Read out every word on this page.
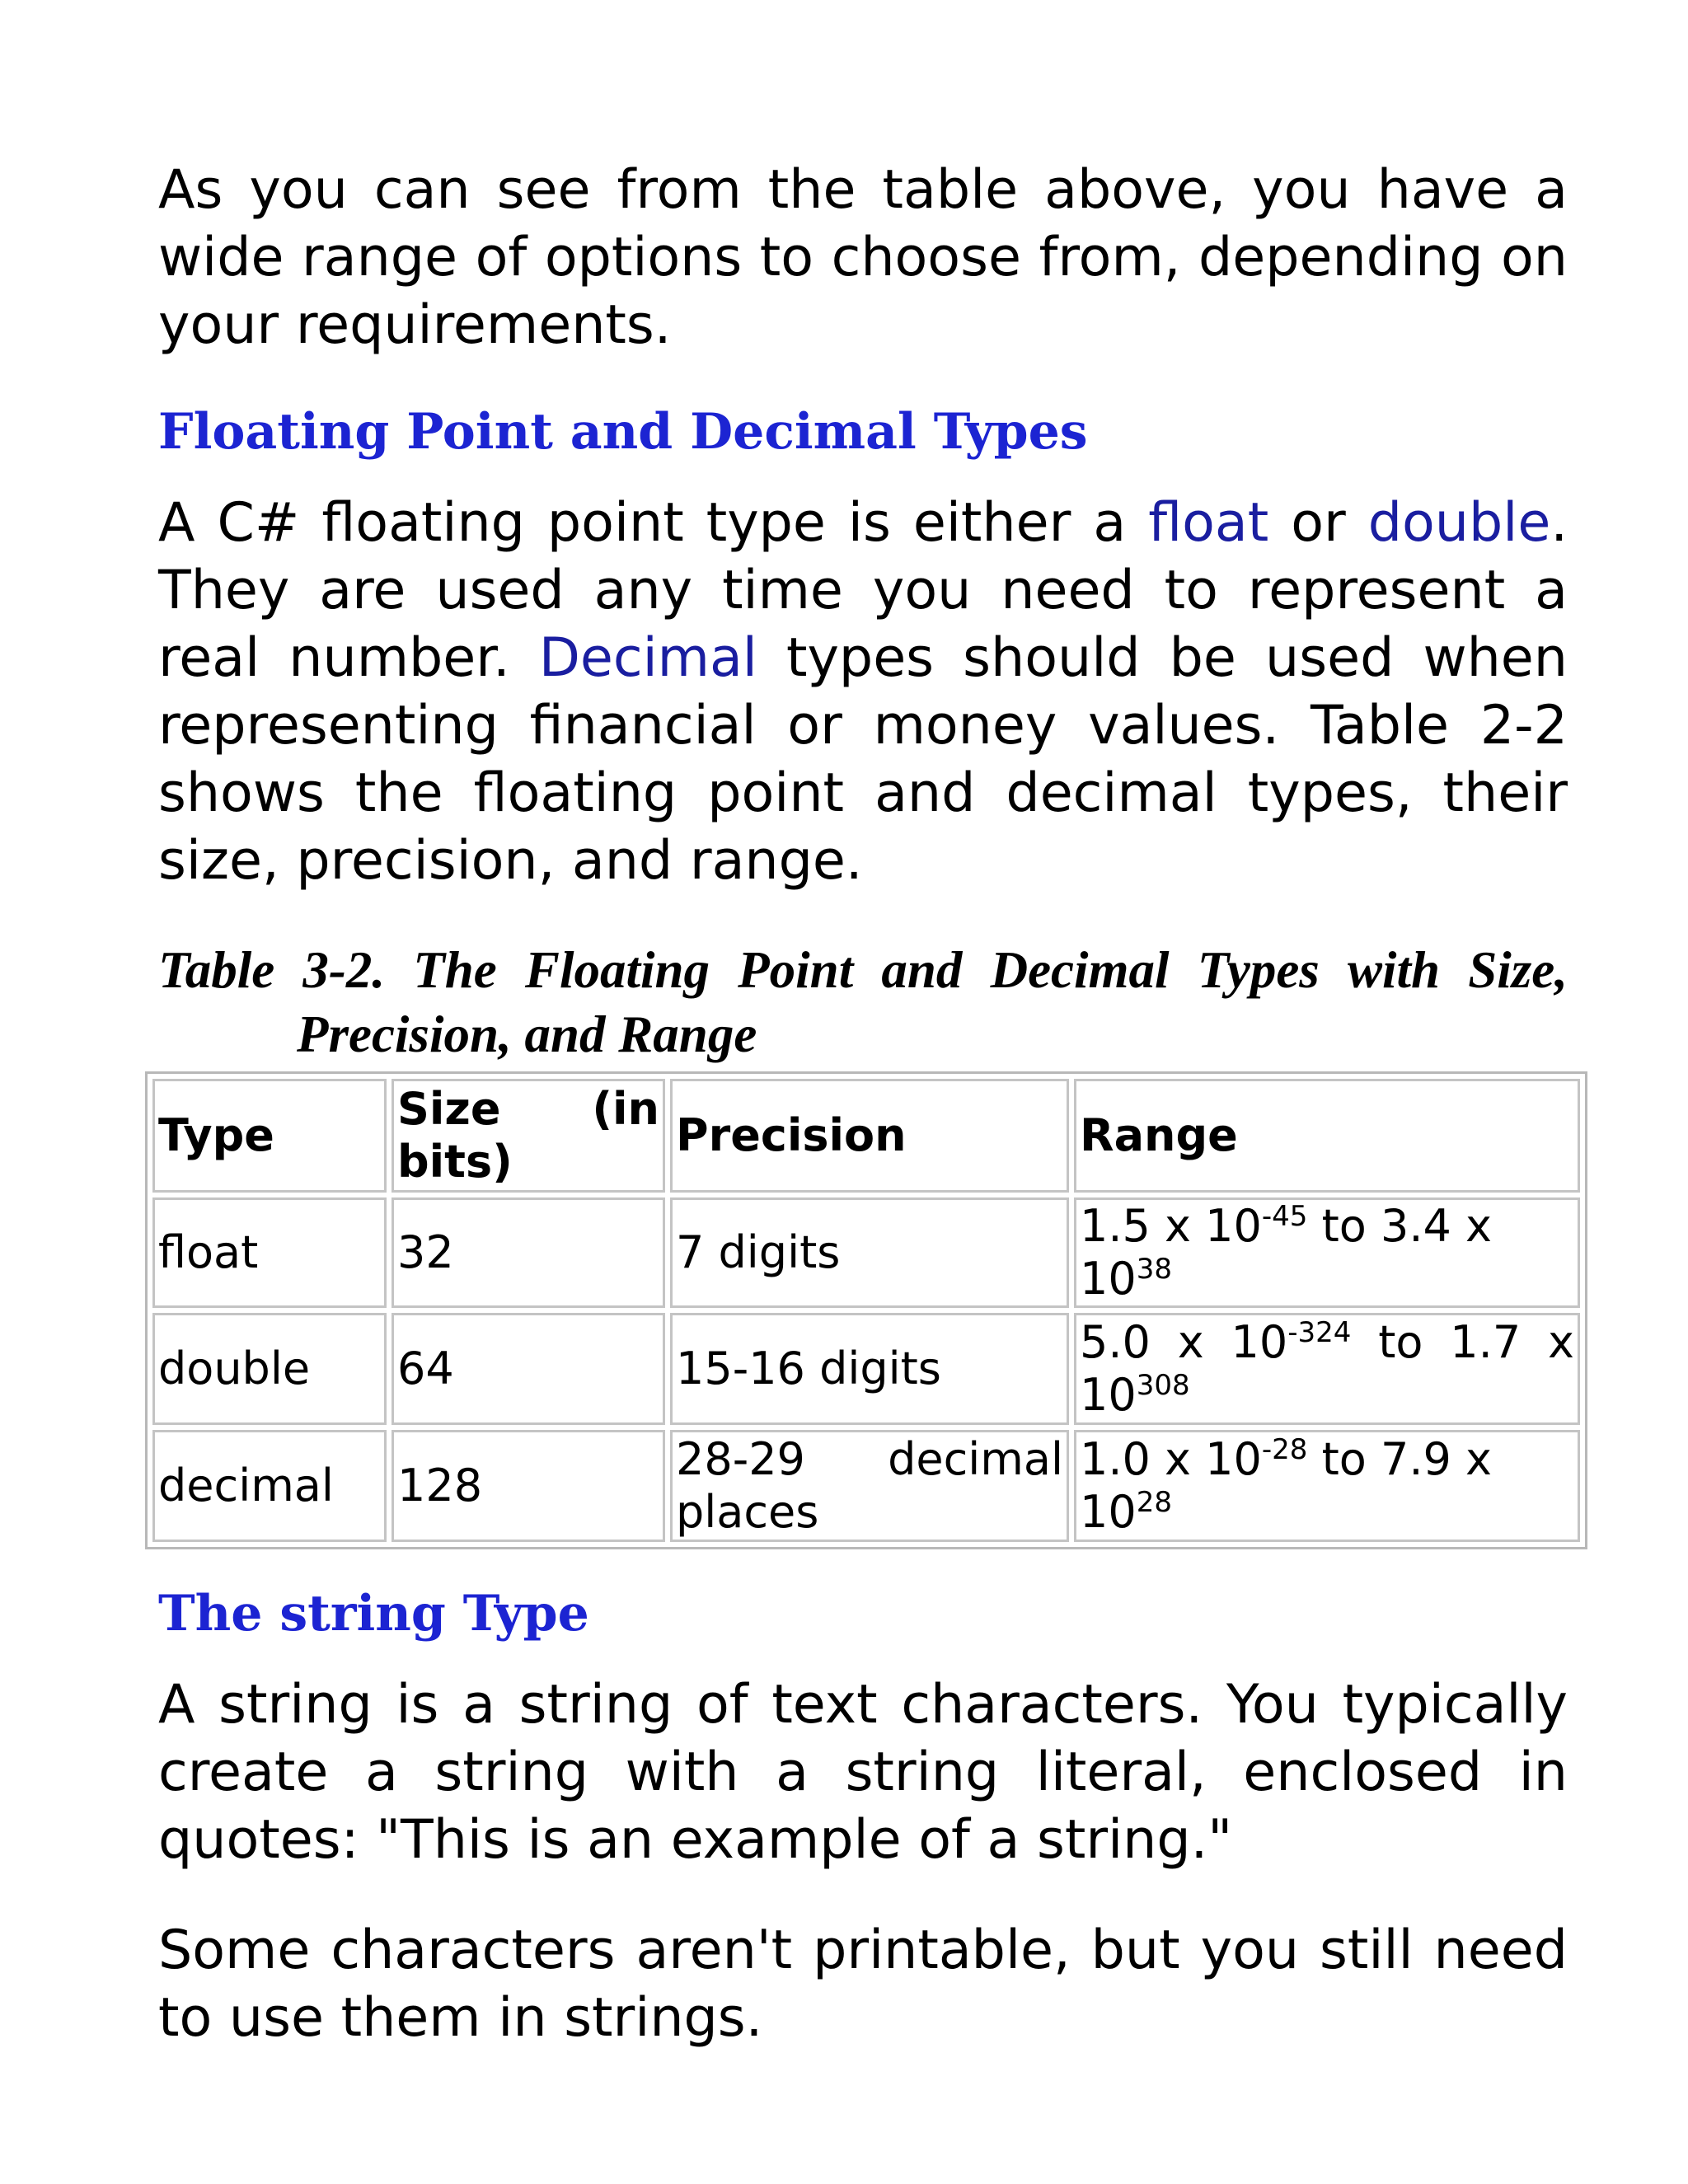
As you can see from the table above, you have a wide range of options to choose from, depending on your requirements.

Floating Point and Decimal Types

A C# floating point type is either a float or double. They are used any time you need to represent a real number. Decimal types should be used when representing financial or money values. Table 2-2 shows the floating point and decimal types, their size, precision, and range.

Table 3-2. The Floating Point and Decimal Types with Size, Precision, and Range

Type	Size (in bits)	Precision	Range
float	32	7 digits	1.5 x $10^{-45}$ to 3.4 x $10^{38}$
double	64	15-16 digits	5.0 x $10^{-324}$ to 1.7 x $10^{308}$
decimal	128	28-29 decimal places	1.0 x $10^{-28}$ to 7.9 x $10^{28}$
The string Type

A string is a string of text characters. You typically create a string with a string literal, enclosed in quotes: "This is an example of a string."

Some characters aren't printable, but you still need to use them in strings.
